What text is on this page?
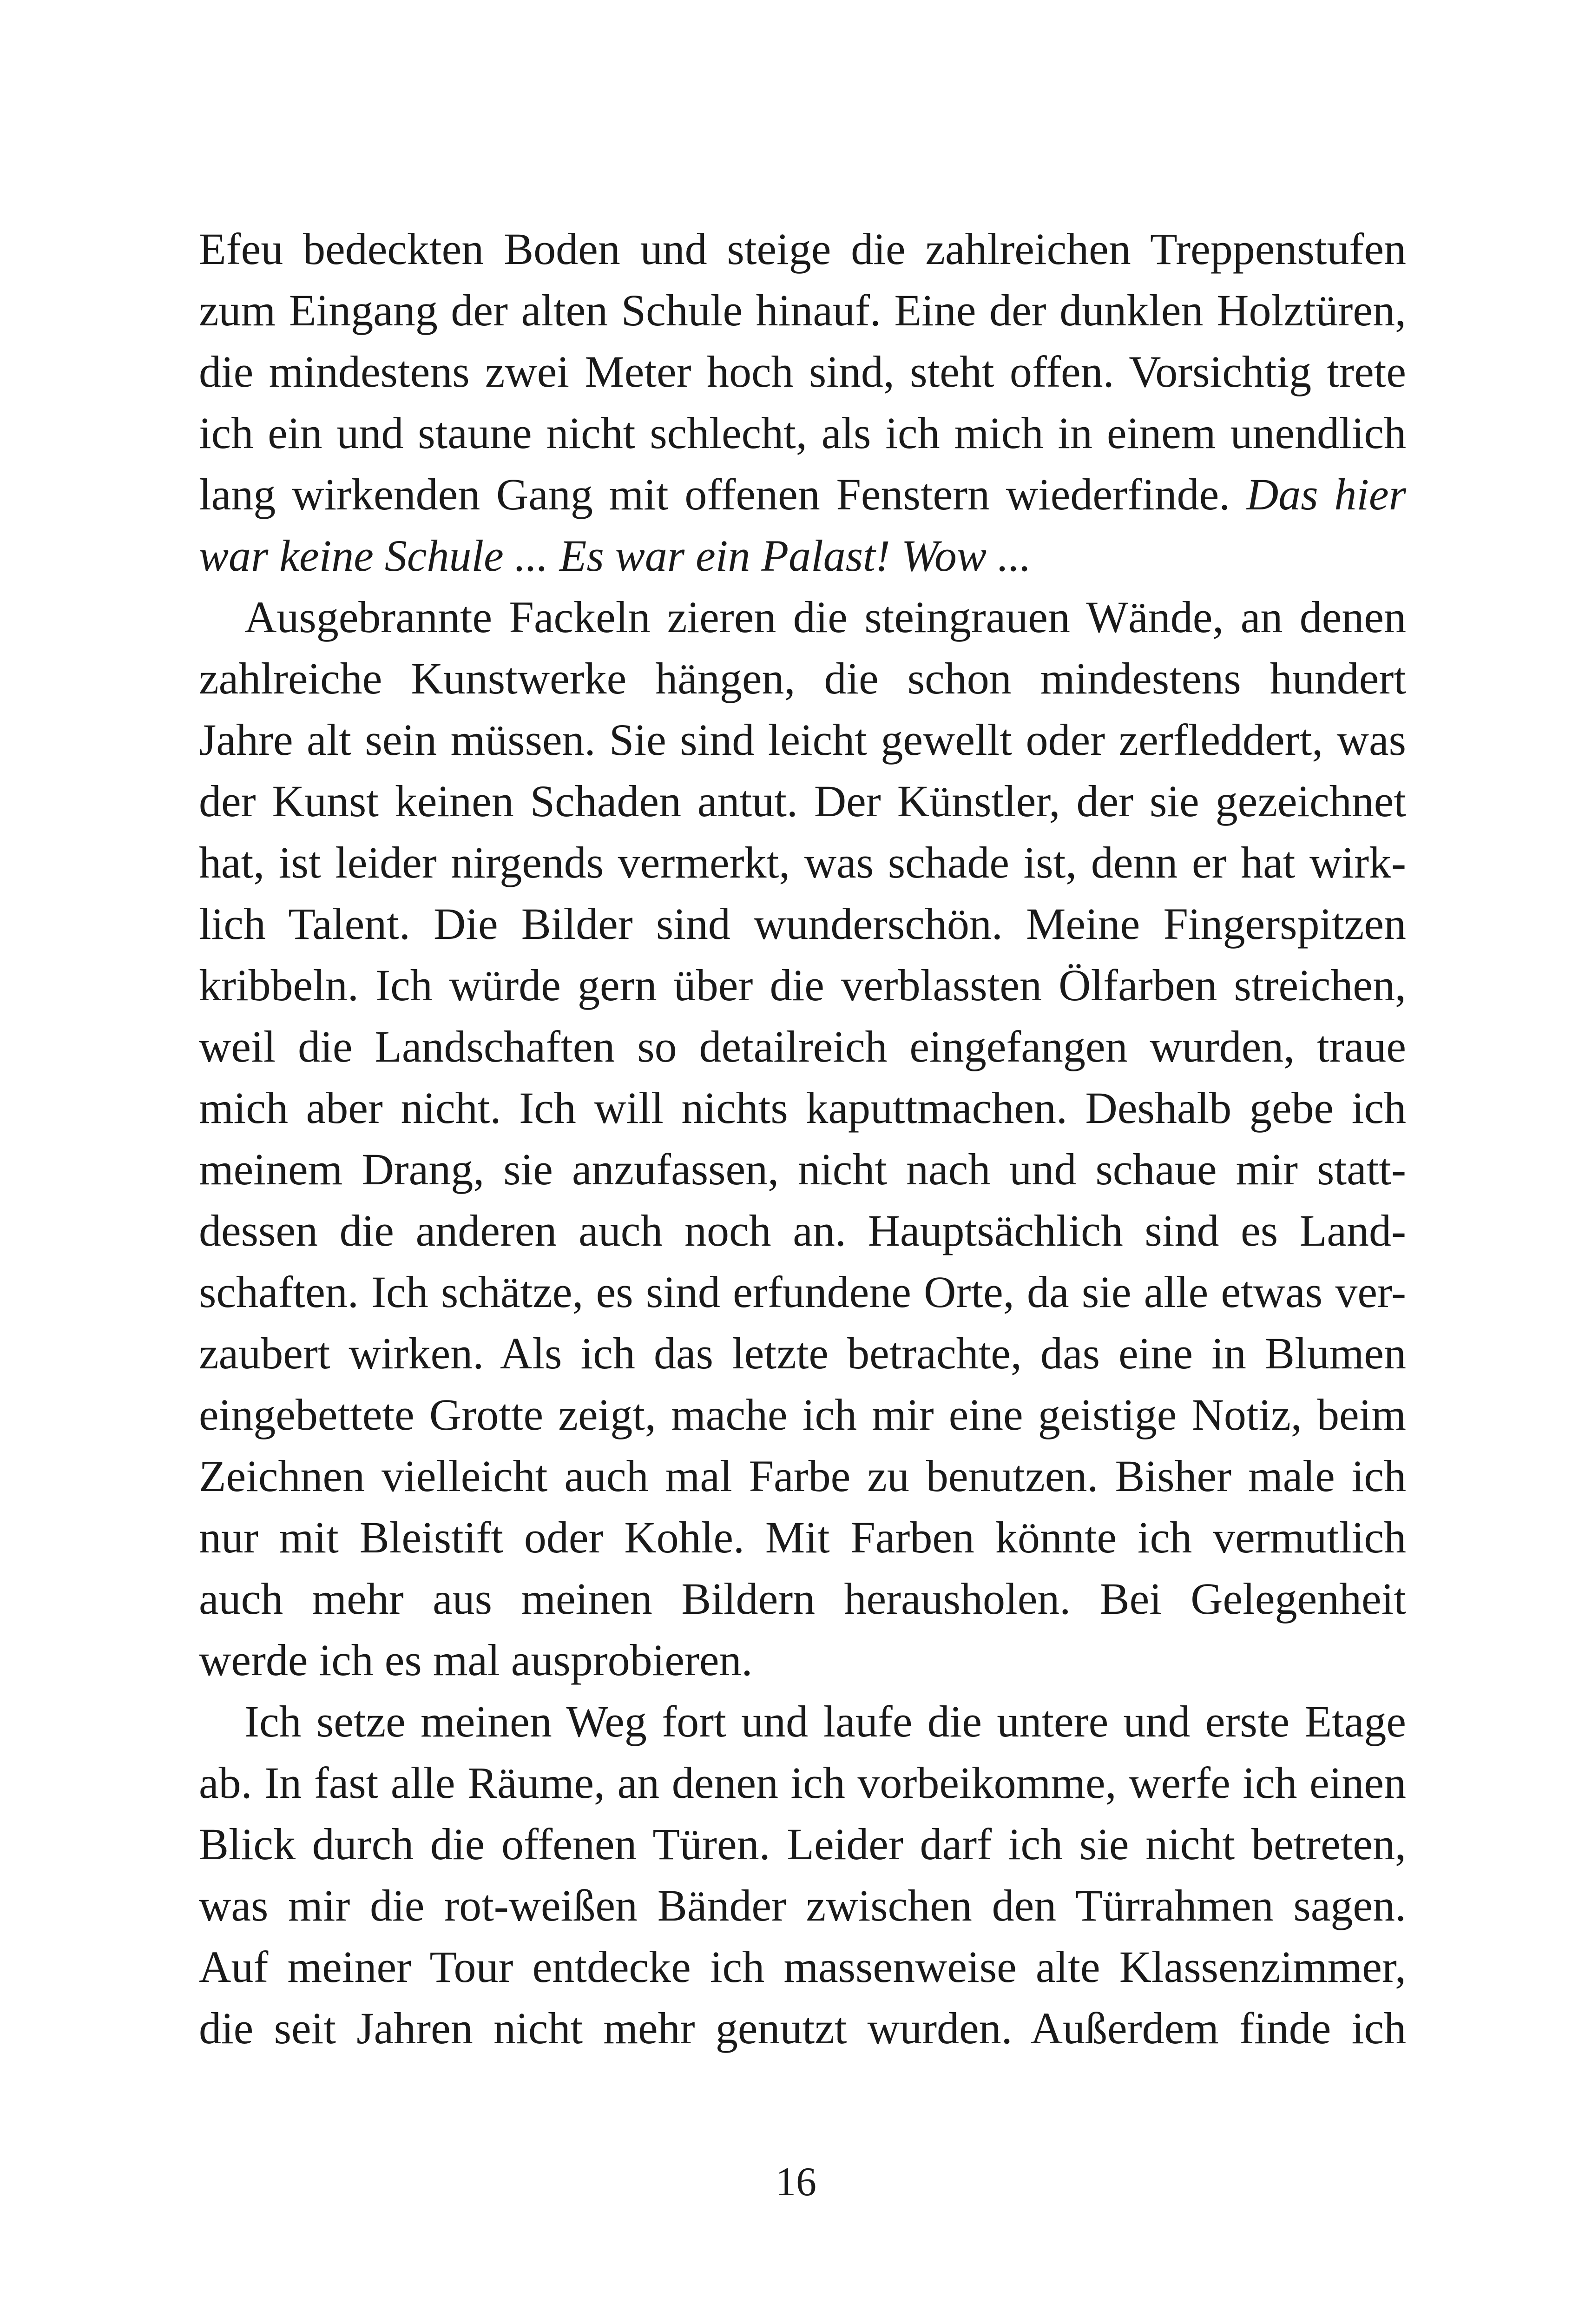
Efeu bedeckten Boden und steige die zahlreichen Treppenstufen
zum Eingang der alten Schule hinauf. Eine der dunklen Holztüren,
die mindestens zwei Meter hoch sind, steht offen. Vorsichtig trete
ich ein und staune nicht schlecht, als ich mich in einem unendlich
lang wirkenden Gang mit offenen Fenstern wiederfinde. Das hier
war keine Schule ... Es war ein Palast! Wow ...
Ausgebrannte Fackeln zieren die steingrauen Wände, an denen
zahlreiche Kunstwerke hängen, die schon mindestens hundert
Jahre alt sein müssen. Sie sind leicht gewellt oder zerfleddert, was
der Kunst keinen Schaden antut. Der Künstler, der sie gezeichnet
hat, ist leider nirgends vermerkt, was schade ist, denn er hat wirk-
lich Talent. Die Bilder sind wunderschön. Meine Fingerspitzen
kribbeln. Ich würde gern über die verblassten Ölfarben streichen,
weil die Landschaften so detailreich eingefangen wurden, traue
mich aber nicht. Ich will nichts kaputtmachen. Deshalb gebe ich
meinem Drang, sie anzufassen, nicht nach und schaue mir statt-
dessen die anderen auch noch an. Hauptsächlich sind es Land-
schaften. Ich schätze, es sind erfundene Orte, da sie alle etwas ver-
zaubert wirken. Als ich das letzte betrachte, das eine in Blumen
eingebettete Grotte zeigt, mache ich mir eine geistige Notiz, beim
Zeichnen vielleicht auch mal Farbe zu benutzen. Bisher male ich
nur mit Bleistift oder Kohle. Mit Farben könnte ich vermutlich
auch mehr aus meinen Bildern herausholen. Bei Gelegenheit
werde ich es mal ausprobieren.
Ich setze meinen Weg fort und laufe die untere und erste Etage
ab. In fast alle Räume, an denen ich vorbeikomme, werfe ich einen
Blick durch die offenen Türen. Leider darf ich sie nicht betreten,
was mir die rot-weißen Bänder zwischen den Türrahmen sagen.
Auf meiner Tour entdecke ich massenweise alte Klassenzimmer,
die seit Jahren nicht mehr genutzt wurden. Außerdem finde ich
16
